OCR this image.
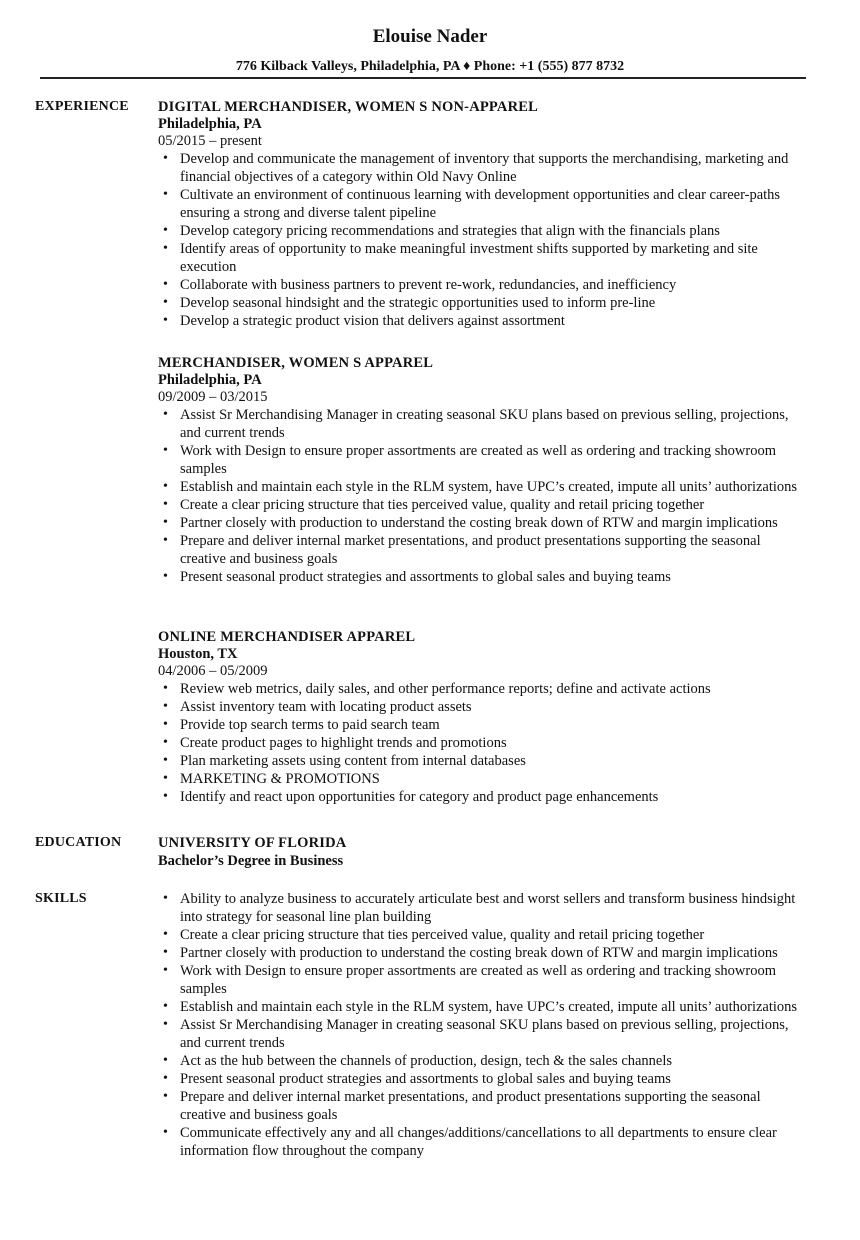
Elouise Nader
776 Kilback Valleys, Philadelphia, PA ♦ Phone: +1 (555) 877 8732
EXPERIENCE	DIGITAL MERCHANDISER, WOMEN S NON-APPAREL
Philadelphia, PA
05/2015 – present
• Develop and communicate the management of inventory that supports the merchandising, marketing and financial objectives of a category within Old Navy Online
• Cultivate an environment of continuous learning with development opportunities and clear career-paths ensuring a strong and diverse talent pipeline
• Develop category pricing recommendations and strategies that align with the financials plans
• Identify areas of opportunity to make meaningful investment shifts supported by marketing and site execution
• Collaborate with business partners to prevent re-work, redundancies, and inefficiency
• Develop seasonal hindsight and the strategic opportunities used to inform pre-line
• Develop a strategic product vision that delivers against assortment
MERCHANDISER, WOMEN S APPAREL
Philadelphia, PA
09/2009 – 03/2015
• Assist Sr Merchandising Manager in creating seasonal SKU plans based on previous selling, projections, and current trends
• Work with Design to ensure proper assortments are created as well as ordering and tracking showroom samples
• Establish and maintain each style in the RLM system, have UPC’s created, impute all units’ authorizations
• Create a clear pricing structure that ties perceived value, quality and retail pricing together
• Partner closely with production to understand the costing break down of RTW and margin implications
• Prepare and deliver internal market presentations, and product presentations supporting the seasonal creative and business goals
• Present seasonal product strategies and assortments to global sales and buying teams
ONLINE MERCHANDISER APPAREL
Houston, TX
04/2006 – 05/2009
• Review web metrics, daily sales, and other performance reports; define and activate actions
• Assist inventory team with locating product assets
• Provide top search terms to paid search team
• Create product pages to highlight trends and promotions
• Plan marketing assets using content from internal databases
• MARKETING & PROMOTIONS
• Identify and react upon opportunities for category and product page enhancements
EDUCATION	UNIVERSITY OF FLORIDA
Bachelor’s Degree in Business
SKILLS
•	Ability to analyze business to accurately articulate best and worst sellers and transform business hindsight into strategy for seasonal line plan building
• Create a clear pricing structure that ties perceived value, quality and retail pricing together
• Partner closely with production to understand the costing break down of RTW and margin implications
• Work with Design to ensure proper assortments are created as well as ordering and tracking showroom samples
• Establish and maintain each style in the RLM system, have UPC’s created, impute all units’ authorizations
• Assist Sr Merchandising Manager in creating seasonal SKU plans based on previous selling, projections, and current trends
• Act as the hub between the channels of production, design, tech & the sales channels
• Present seasonal product strategies and assortments to global sales and buying teams
• Prepare and deliver internal market presentations, and product presentations supporting the seasonal creative and business goals
• Communicate effectively any and all changes/additions/cancellations to all departments to ensure clear information flow throughout the company
